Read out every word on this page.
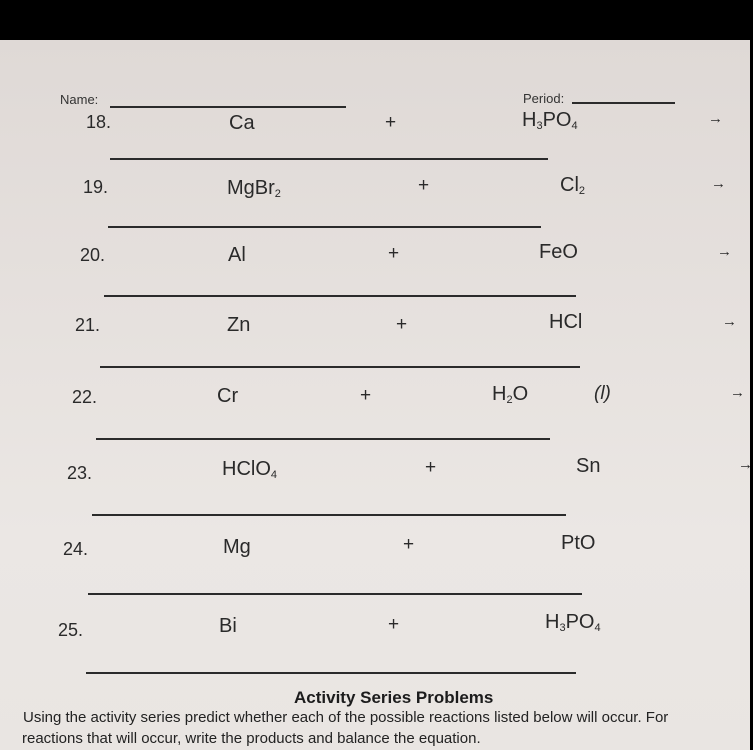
Name:	Period:
18.	Ca	+	$H_3PO_4$	→
19.	MgBr$_2$	+	$Cl_2$	→
20.	Al	+	FeO	→
21.	Zn	+	HCl	→
22.	Cr	+	$H_2O$	(l)	→
23.	HClO$_4$	+	Sn	→
24.	Mg	+	PtO
25.	Bi	+	$H_3PO_4$
Activity Series Problems
Using the activity series predict whether each of the possible reactions listed below will occur. For
reactions that will occur, write the products and balance the equation.
